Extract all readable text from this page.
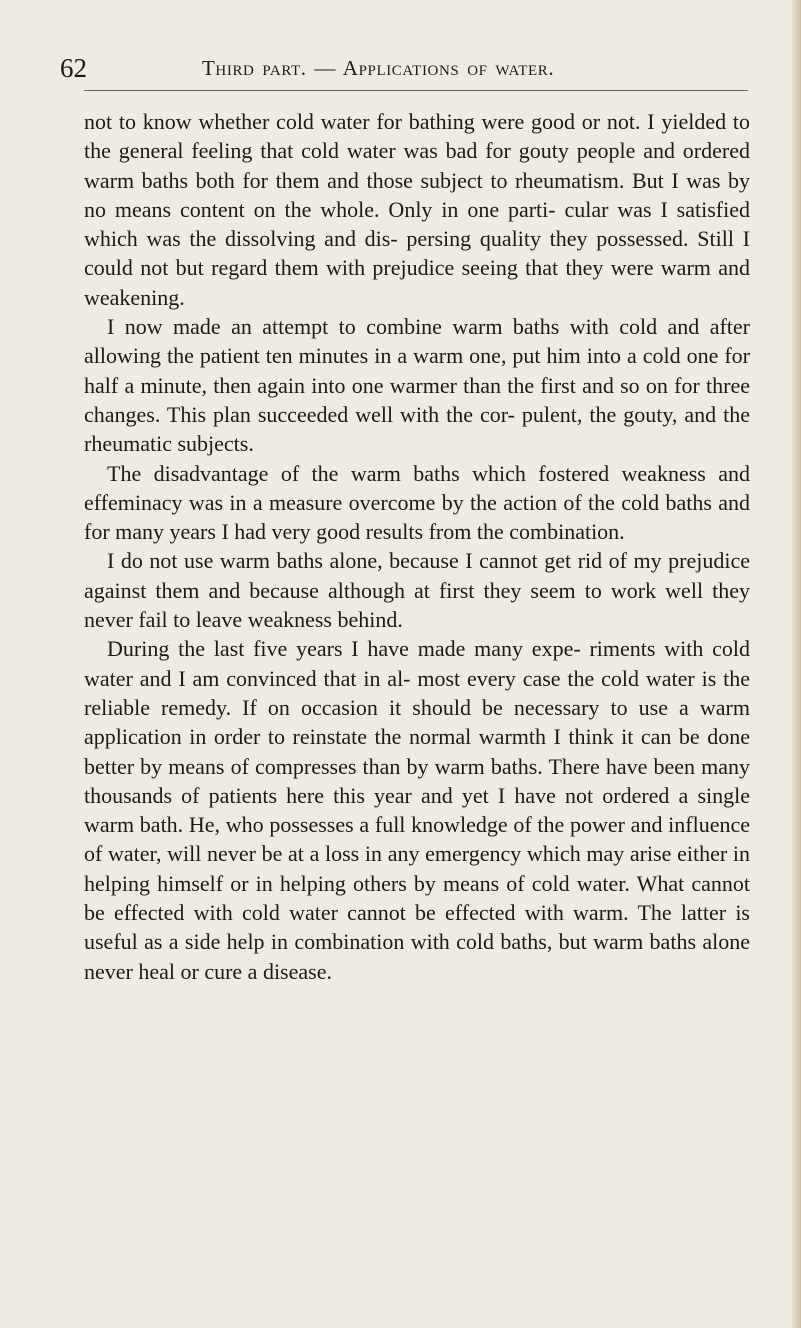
62	Third part. — Applications of water.

not to know whether cold water for bathing were good or not. I yielded to the general feeling that cold water was bad for gouty people and ordered warm baths both for them and those subject to rheumatism. But I was by no means content on the whole. Only in one parti- cular was I satisfied which was the dissolving and dis- persing quality they possessed. Still I could not but regard them with prejudice seeing that they were warm and weakening.

I now made an attempt to combine warm baths with cold and after allowing the patient ten minutes in a warm one, put him into a cold one for half a minute, then again into one warmer than the first and so on for three changes. This plan succeeded well with the cor- pulent, the gouty, and the rheumatic subjects.

The disadvantage of the warm baths which fostered weakness and effeminacy was in a measure overcome by the action of the cold baths and for many years I had very good results from the combination.

I do not use warm baths alone, because I cannot get rid of my prejudice against them and because although at first they seem to work well they never fail to leave weakness behind.

During the last five years I have made many expe- riments with cold water and I am convinced that in al- most every case the cold water is the reliable remedy. If on occasion it should be necessary to use a warm application in order to reinstate the normal warmth I think it can be done better by means of compresses than by warm baths. There have been many thousands of patients here this year and yet I have not ordered a single warm bath. He, who possesses a full knowledge of the power and influence of water, will never be at a loss in any emergency which may arise either in helping himself or in helping others by means of cold water. What cannot be effected with cold water cannot be effected with warm. The latter is useful as a side help in combination with cold baths, but warm baths alone never heal or cure a disease.
